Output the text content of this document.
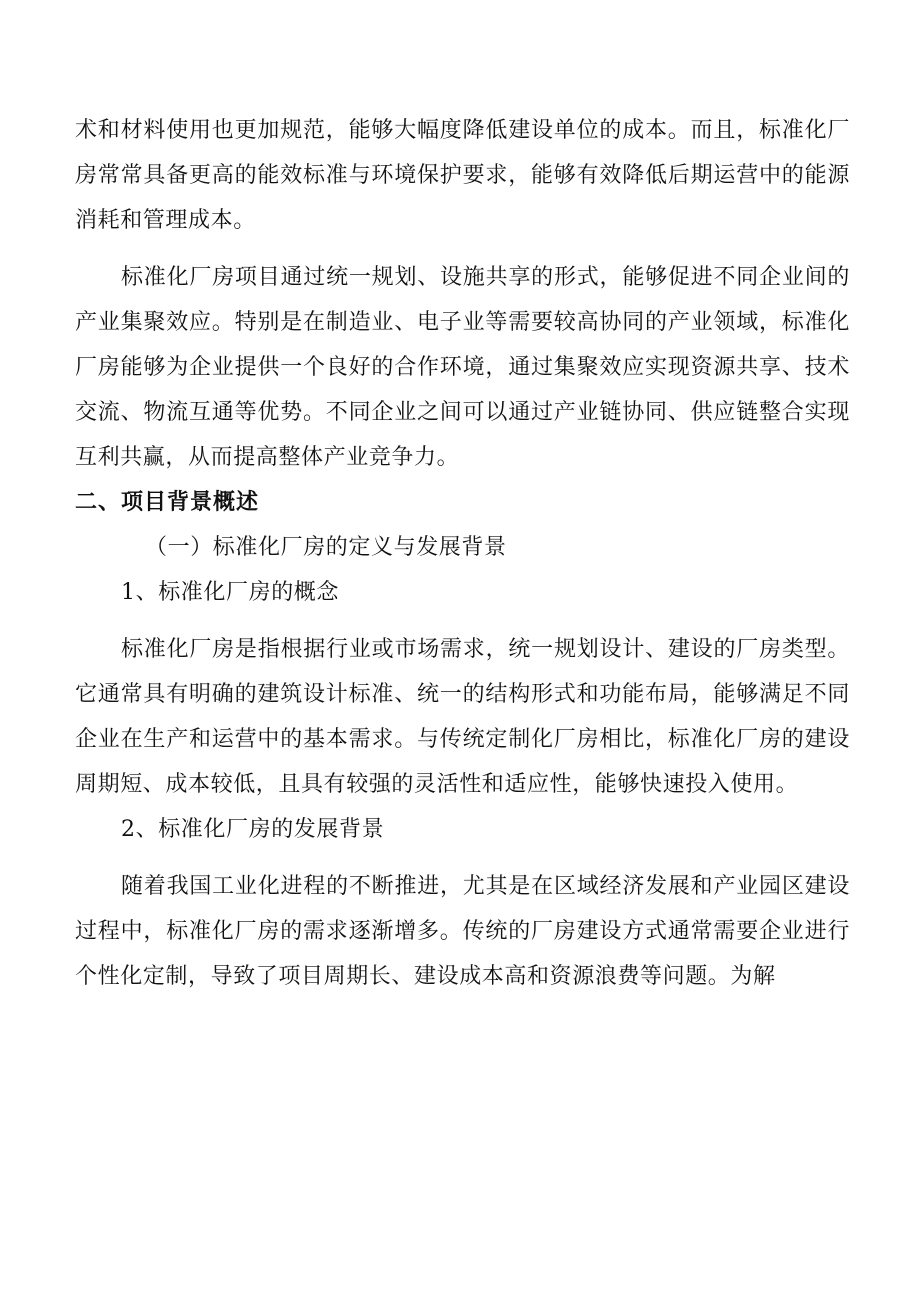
术和材料使用也更加规范，能够大幅度降低建设单位的成本。而且，标准化厂房常常具备更高的能效标准与环境保护要求，能够有效降低后期运营中的能源消耗和管理成本。

标准化厂房项目通过统一规划、设施共享的形式，能够促进不同企业间的产业集聚效应。特别是在制造业、电子业等需要较高协同的产业领域，标准化厂房能够为企业提供一个良好的合作环境，通过集聚效应实现资源共享、技术交流、物流互通等优势。不同企业之间可以通过产业链协同、供应链整合实现互利共赢，从而提高整体产业竞争力。

二、项目背景概述

（一）标准化厂房的定义与发展背景

1、标准化厂房的概念

标准化厂房是指根据行业或市场需求，统一规划设计、建设的厂房类型。它通常具有明确的建筑设计标准、统一的结构形式和功能布局，能够满足不同企业在生产和运营中的基本需求。与传统定制化厂房相比，标准化厂房的建设周期短、成本较低，且具有较强的灵活性和适应性，能够快速投入使用。

2、标准化厂房的发展背景

随着我国工业化进程的不断推进，尤其是在区域经济发展和产业园区建设过程中，标准化厂房的需求逐渐增多。传统的厂房建设方式通常需要企业进行个性化定制，导致了项目周期长、建设成本高和资源浪费等问题。为解
